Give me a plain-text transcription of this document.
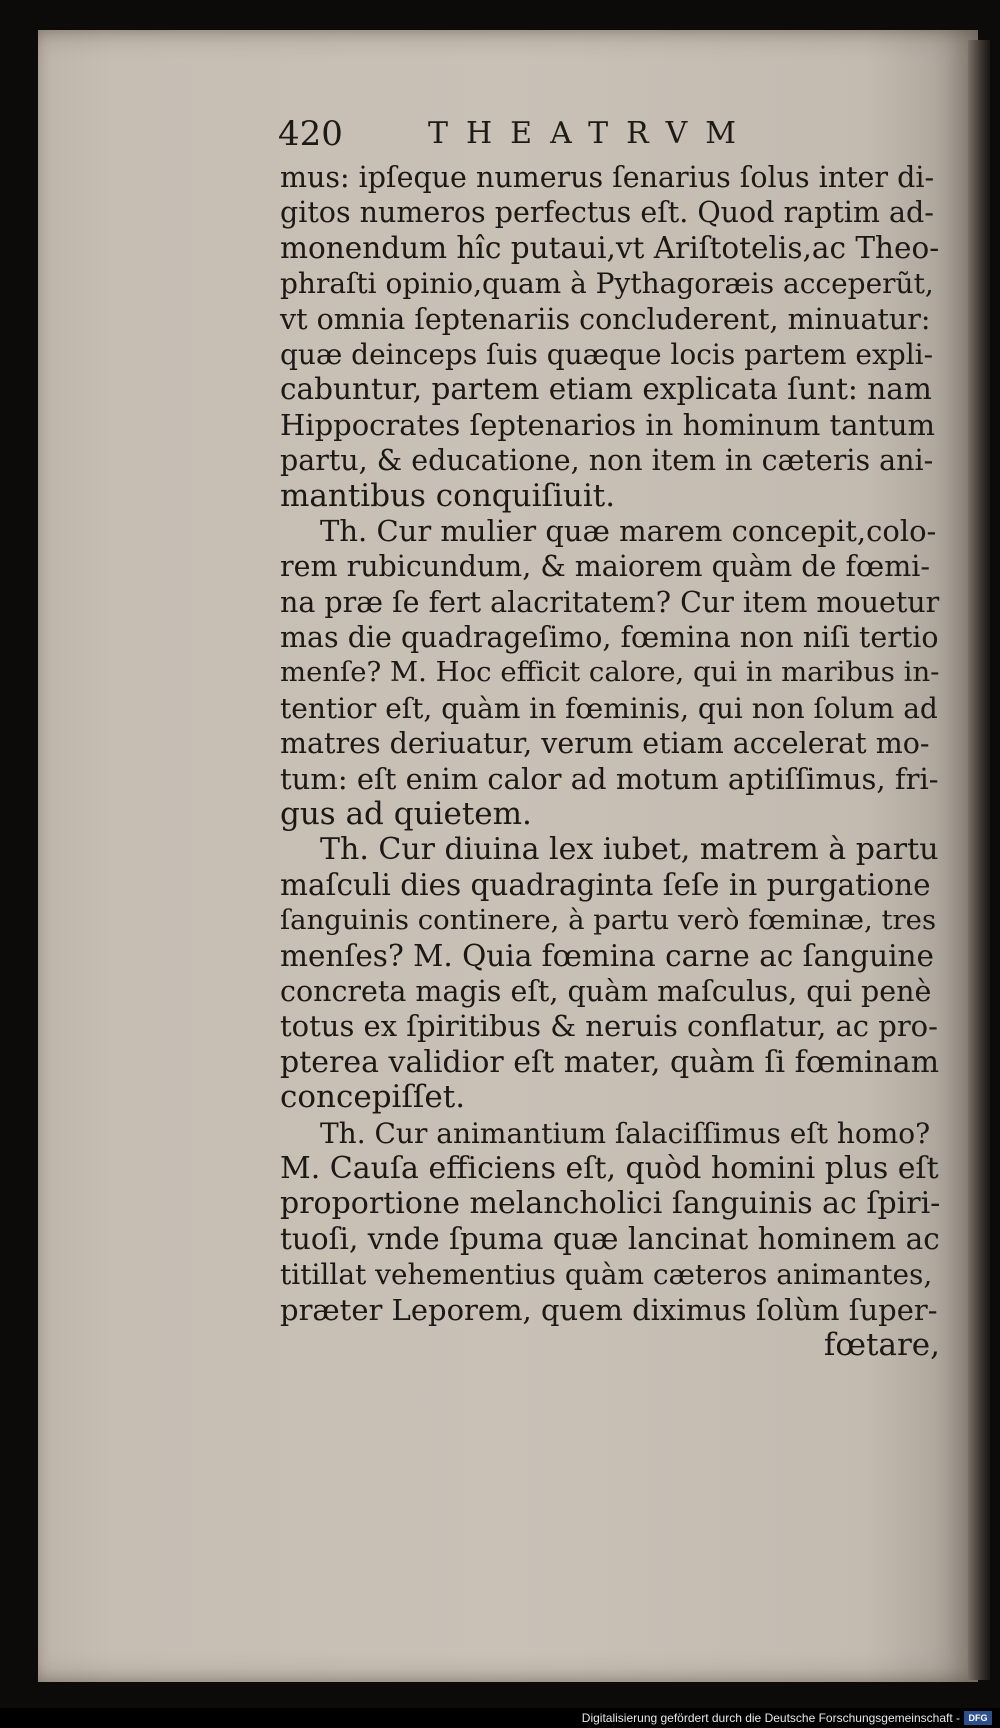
420	THEATRVM
mus: ipſeque numerus ſenarius ſolus inter di-
gitos numeros perfectus eſt. Quod raptim ad-
monendum hîc putaui,vt Ariſtotelis,ac Theo-
phraſti opinio,quam à Pythagoræis acceperũt,
vt omnia ſeptenariis concluderent, minuatur:
quæ deinceps ſuis quæque locis partem expli-
cabuntur, partem etiam explicata ſunt: nam
Hippocrates ſeptenarios in hominum tantum
partu, & educatione, non item in cæteris ani-
mantibus conquiſiuit.
Th. Cur mulier quæ marem concepit,colo-
rem rubicundum, & maiorem quàm de fœmi-
na præ ſe fert alacritatem? Cur item mouetur
mas die quadrageſimo, fœmina non niſi tertio
menſe? M. Hoc efficit calore, qui in maribus in-
tentior eſt, quàm in fœminis, qui non ſolum ad
matres deriuatur, verum etiam accelerat mo-
tum: eſt enim calor ad motum aptiſſimus, fri-
gus ad quietem.
Th. Cur diuina lex iubet, matrem à partu
maſculi dies quadraginta ſeſe in purgatione
ſanguinis continere, à partu verò fœminæ, tres
menſes? M. Quia fœmina carne ac ſanguine
concreta magis eſt, quàm maſculus, qui penè
totus ex ſpiritibus & neruis conflatur, ac pro-
pterea validior eſt mater, quàm ſi fœminam
concepiſſet.
Th. Cur animantium ſalaciſſimus eſt homo?
M. Cauſa efficiens eſt, quòd homini plus eſt
proportione melancholici ſanguinis ac ſpiri-
tuoſi, vnde ſpuma quæ lancinat hominem ac
titillat vehementius quàm cæteros animantes,
præter Leporem, quem diximus ſolùm ſuper-
fœtare,
Digitalisierung gefördert durch die Deutsche Forschungsgemeinschaft - DFG
